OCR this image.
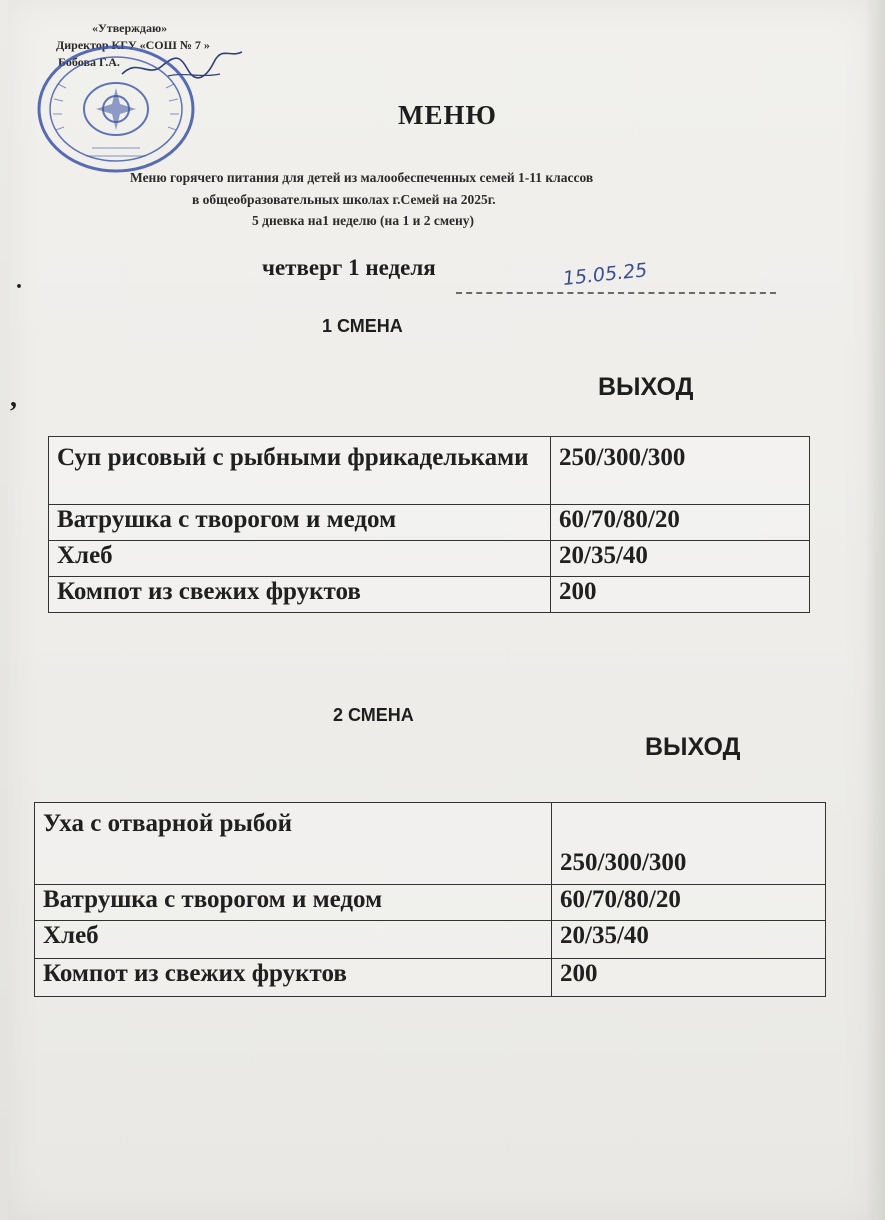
«Утверждаю»
Директор КГУ «СОШ № 7 »
Бобова Г.А.
МЕНЮ
Меню горячего питания для детей из малообеспеченных семей 1-11 классов
в общеобразовательных школах г.Семей на 2025г.
5 дневка на1 неделю (на 1 и 2 смену)
.
четверг 1 неделя	15.05.25
1 СМЕНА
,	ВЫХОД
Суп рисовый с рыбными фрикадельками	250/300/300
Ватрушка с творогом и медом	60/70/80/20
Хлеб	20/35/40
Компот из свежих фруктов	200
2 СМЕНА
ВЫХОД
Уха с отварной рыбой	250/300/300
Ватрушка с творогом и медом	60/70/80/20
Хлеб	20/35/40
Компот из свежих фруктов	200
